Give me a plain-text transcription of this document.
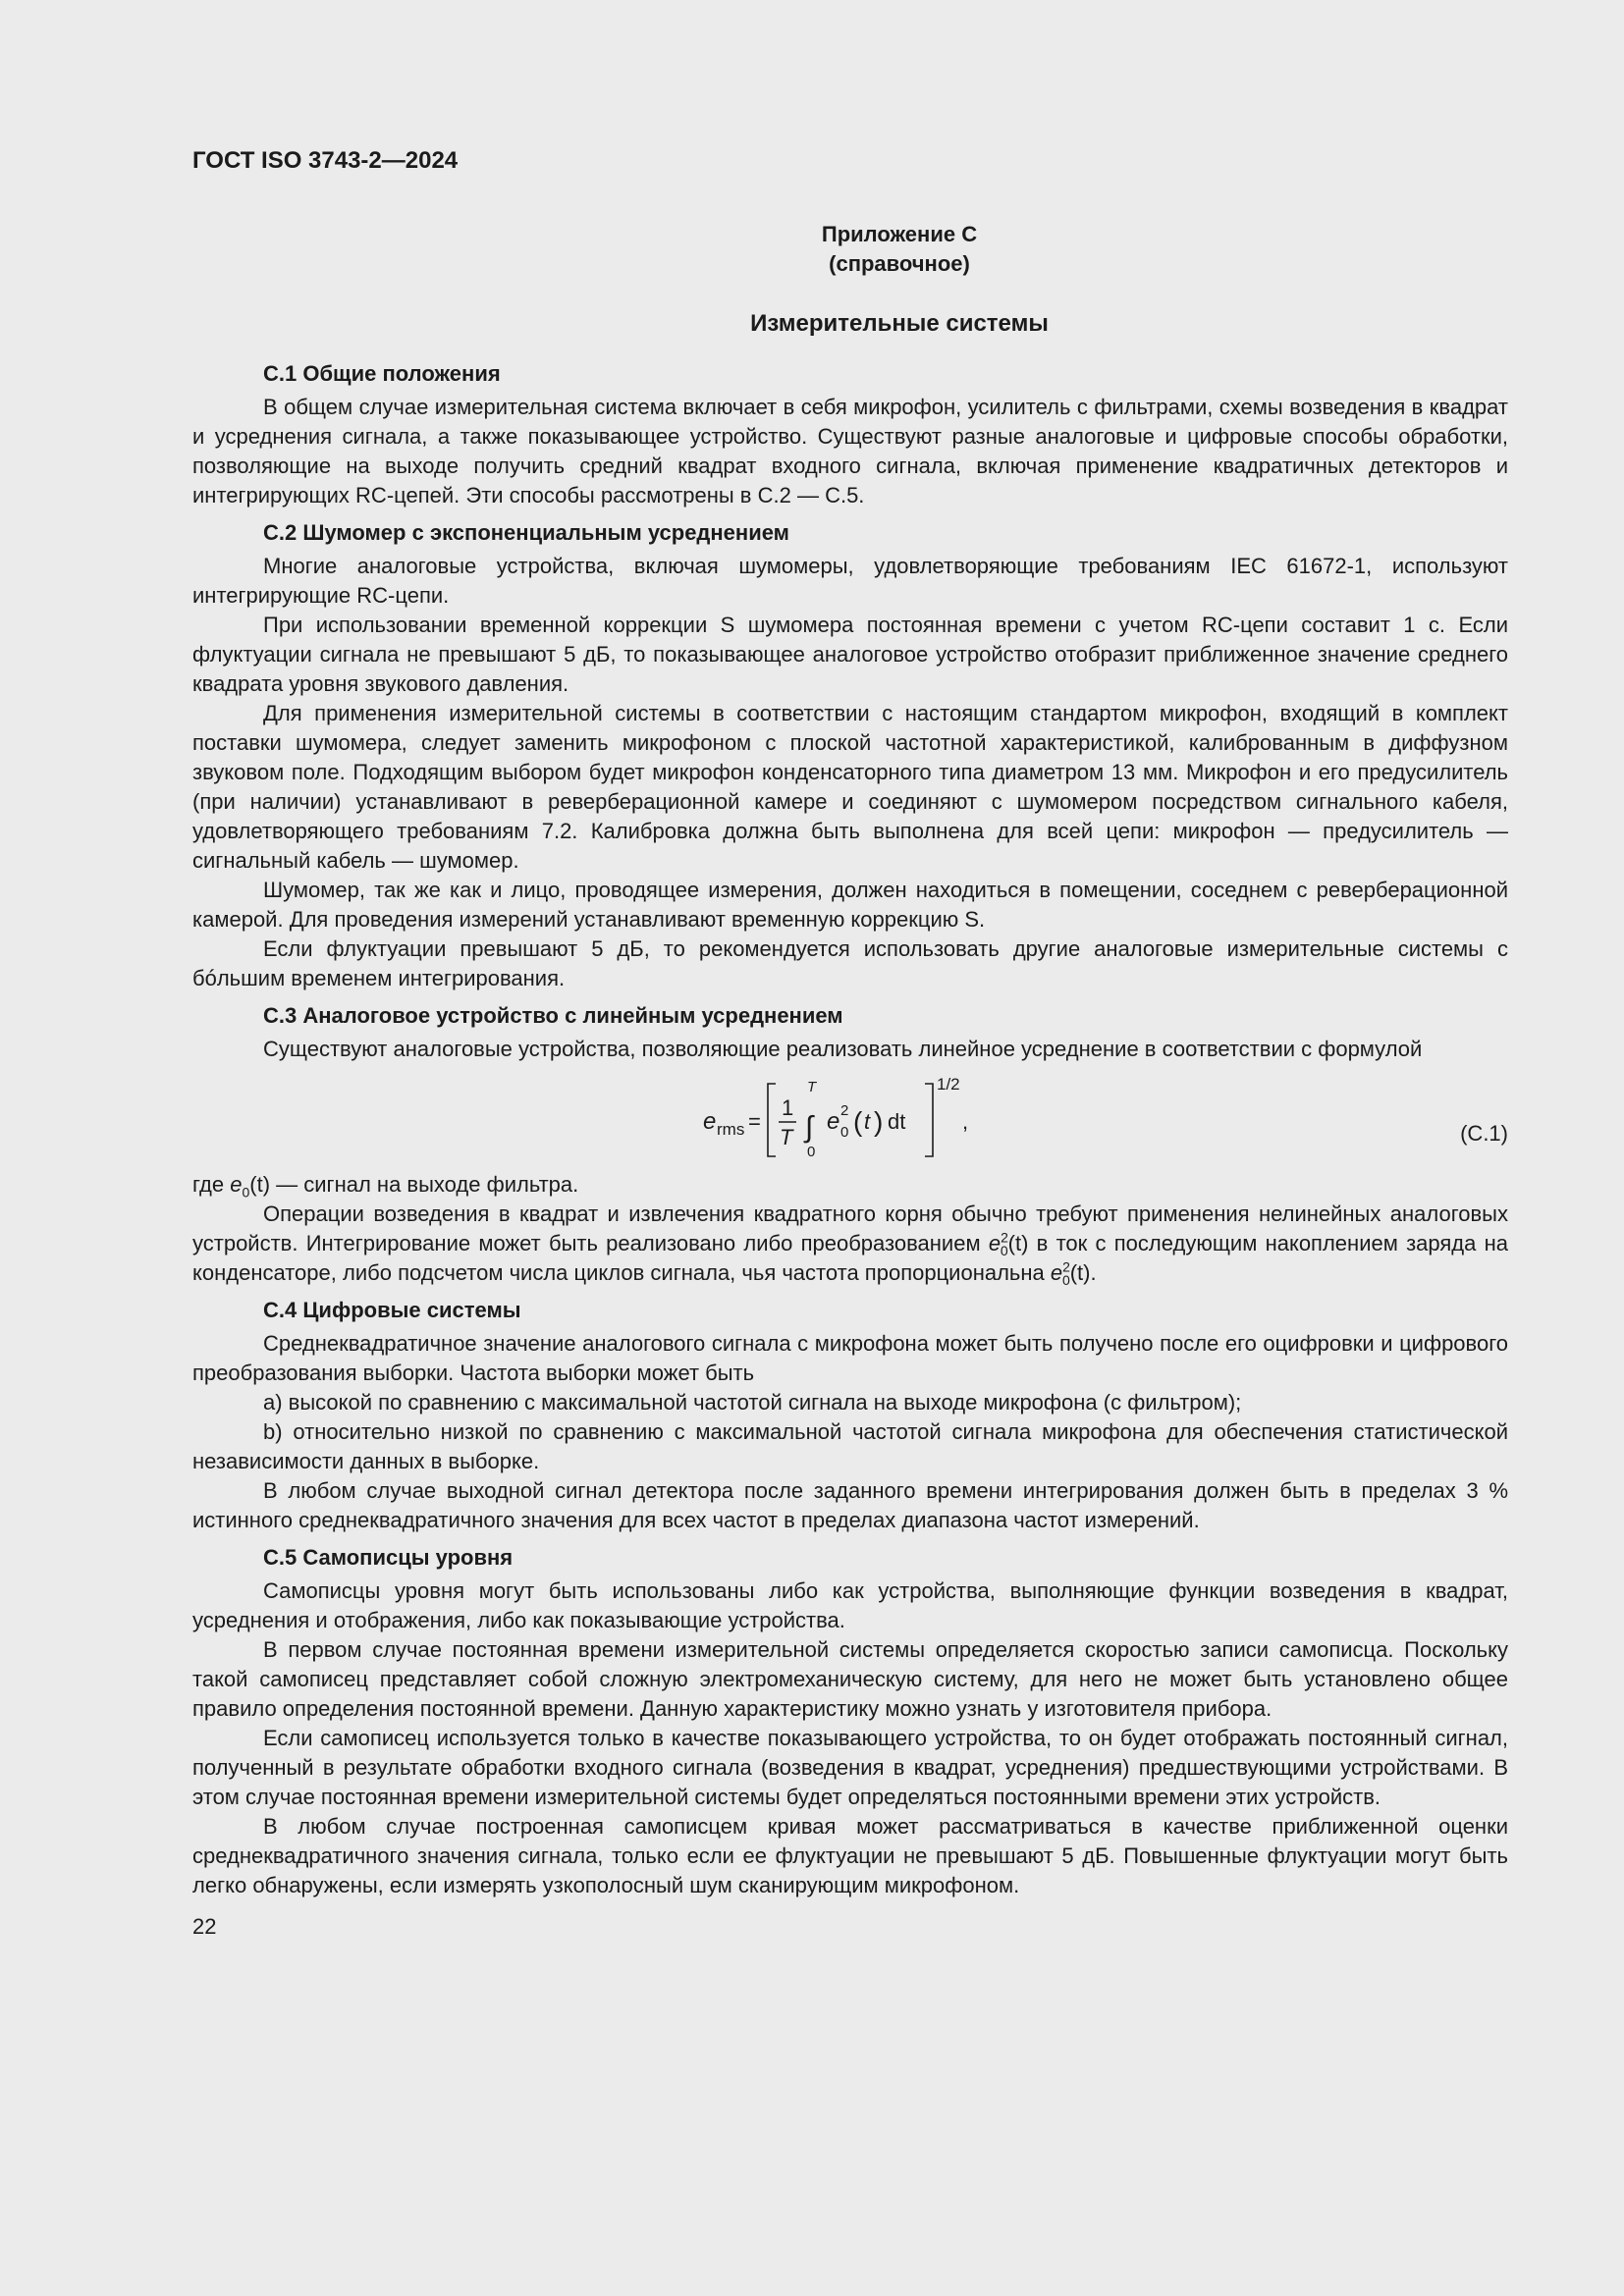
ГОСТ ISO 3743-2—2024
Приложение С
(справочное)
Измерительные системы
С.1 Общие положения

В общем случае измерительная система включает в себя микрофон, усилитель с фильтрами, схемы возведения в квадрат и усреднения сигнала, а также показывающее устройство. Существуют разные аналоговые и цифровые способы обработки, позволяющие на выходе получить средний квадрат входного сигнала, включая применение квадратичных детекторов и интегрирующих RC-цепей. Эти способы рассмотрены в С.2 — С.5.

С.2 Шумомер с экспоненциальным усреднением

Многие аналоговые устройства, включая шумомеры, удовлетворяющие требованиям IEC 61672-1, используют интегрирующие RC-цепи.

При использовании временной коррекции S шумомера постоянная времени с учетом RC-цепи составит 1 с. Если флуктуации сигнала не превышают 5 дБ, то показывающее аналоговое устройство отобразит приближенное значение среднего квадрата уровня звукового давления.

Для применения измерительной системы в соответствии с настоящим стандартом микрофон, входящий в комплект поставки шумомера, следует заменить микрофоном с плоской частотной характеристикой, калиброванным в диффузном звуковом поле. Подходящим выбором будет микрофон конденсаторного типа диаметром 13 мм. Микрофон и его предусилитель (при наличии) устанавливают в реверберационной камере и соединяют с шумомером посредством сигнального кабеля, удовлетворяющего требованиям 7.2. Калибровка должна быть выполнена для всей цепи: микрофон — предусилитель — сигнальный кабель — шумомер.

Шумомер, так же как и лицо, проводящее измерения, должен находиться в помещении, соседнем с реверберационной камерой. Для проведения измерений устанавливают временную коррекцию S.

Если флуктуации превышают 5 дБ, то рекомендуется использовать другие аналоговые измерительные системы с бóльшим временем интегрирования.

С.3 Аналоговое устройство с линейным усреднением

Существуют аналоговые устройства, позволяющие реализовать линейное усреднение в соответствии с формулой

e rms =
1
T
T
∫
0
e 2
0 ( t ) dt
1/2
,	(С.1)

где $e_0(t)$ — сигнал на выходе фильтра.

Операции возведения в квадрат и извлечения квадратного корня обычно требуют применения нелинейных аналоговых устройств. Интегрирование может быть реализовано либо преобразованием $e^2_0(t)$ в ток с последующим накоплением заряда на конденсаторе, либо подсчетом числа циклов сигнала, чья частота пропорциональна $e^2_0(t)$.

С.4 Цифровые системы

Среднеквадратичное значение аналогового сигнала с микрофона может быть получено после его оцифровки и цифрового преобразования выборки. Частота выборки может быть

a) высокой по сравнению с максимальной частотой сигнала на выходе микрофона (с фильтром);

b) относительно низкой по сравнению с максимальной частотой сигнала микрофона для обеспечения статистической независимости данных в выборке.

В любом случае выходной сигнал детектора после заданного времени интегрирования должен быть в пределах 3 % истинного среднеквадратичного значения для всех частот в пределах диапазона частот измерений.

С.5 Самописцы уровня

Самописцы уровня могут быть использованы либо как устройства, выполняющие функции возведения в квадрат, усреднения и отображения, либо как показывающие устройства.

В первом случае постоянная времени измерительной системы определяется скоростью записи самописца. Поскольку такой самописец представляет собой сложную электромеханическую систему, для него не может быть установлено общее правило определения постоянной времени. Данную характеристику можно узнать у изготовителя прибора.

Если самописец используется только в качестве показывающего устройства, то он будет отображать постоянный сигнал, полученный в результате обработки входного сигнала (возведения в квадрат, усреднения) предшествующими устройствами. В этом случае постоянная времени измерительной системы будет определяться постоянными времени этих устройств.

В любом случае построенная самописцем кривая может рассматриваться в качестве приближенной оценки среднеквадратичного значения сигнала, только если ее флуктуации не превышают 5 дБ. Повышенные флуктуации могут быть легко обнаружены, если измерять узкополосный шум сканирующим микрофоном.

22
